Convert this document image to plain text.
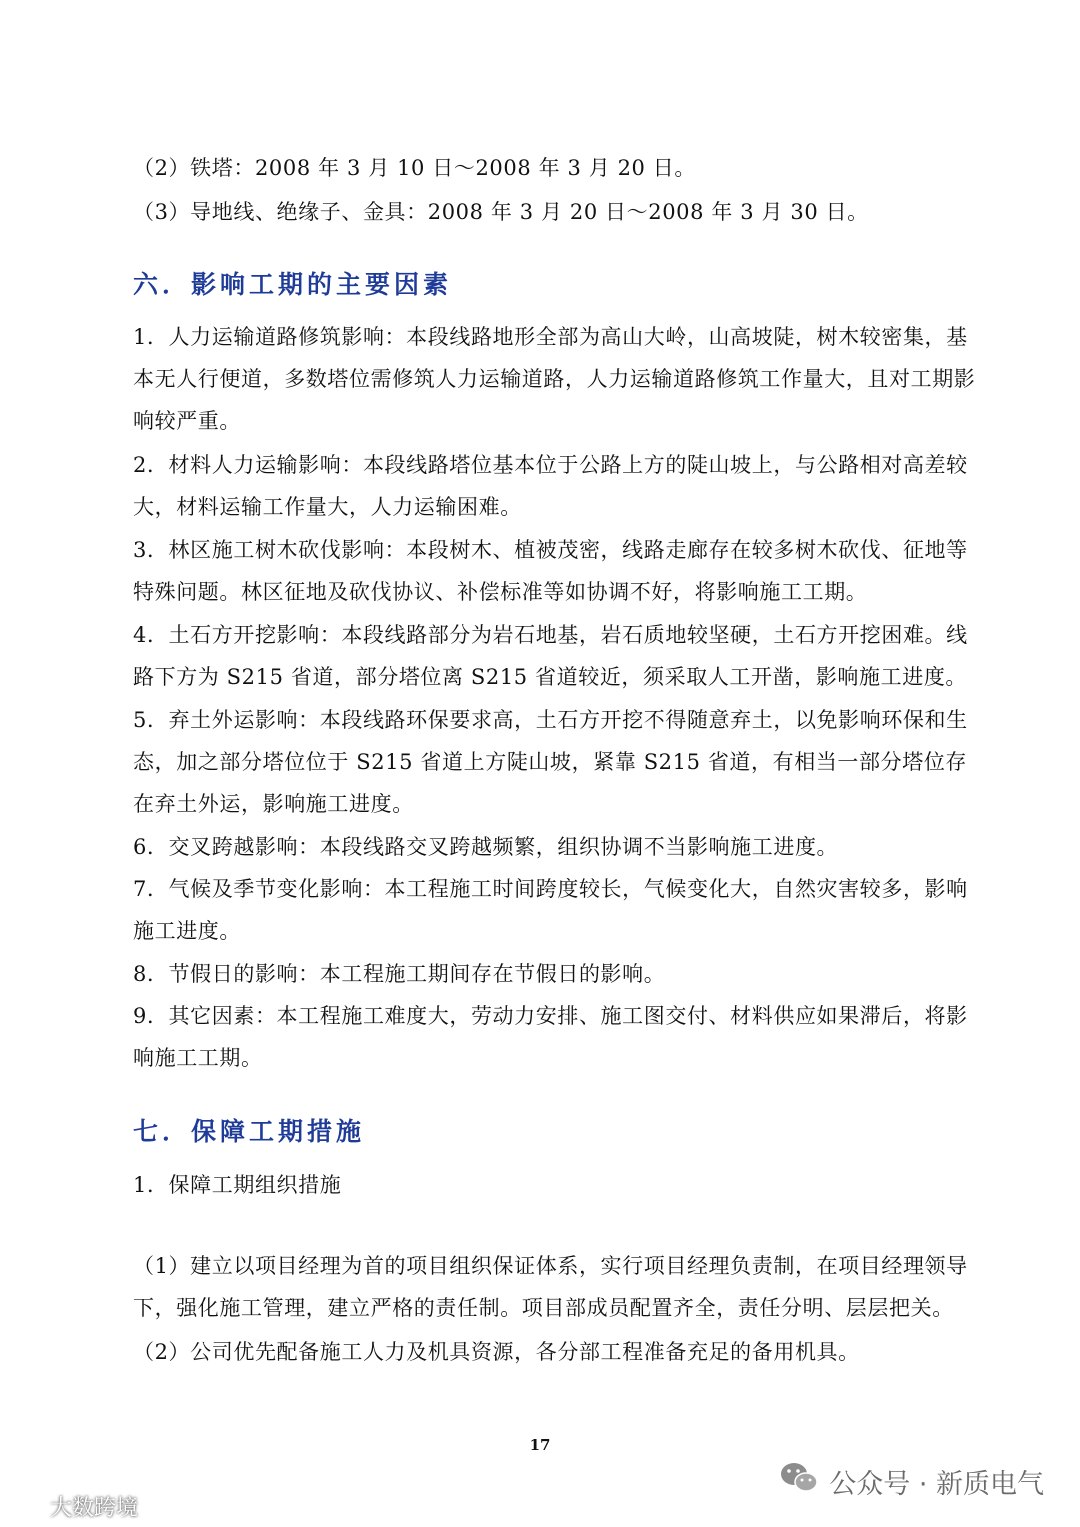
（2）铁塔：2008 年 3 月 10 日～2008 年 3 月 20 日。

（3）导地线、绝缘子、金具：2008 年 3 月 20 日～2008 年 3 月 30 日。

六．影响工期的主要因素

1．人力运输道路修筑影响：本段线路地形全部为高山大岭，山高坡陡，树木较密集，基本无人行便道，多数塔位需修筑人力运输道路，人力运输道路修筑工作量大，且对工期影响较严重。

2．材料人力运输影响：本段线路塔位基本位于公路上方的陡山坡上，与公路相对高差较大，材料运输工作量大，人力运输困难。

3．林区施工树木砍伐影响：本段树木、植被茂密，线路走廊存在较多树木砍伐、征地等特殊问题。林区征地及砍伐协议、补偿标准等如协调不好，将影响施工工期。

4．土石方开挖影响：本段线路部分为岩石地基，岩石质地较坚硬，土石方开挖困难。线路下方为 S215 省道，部分塔位离 S215 省道较近，须采取人工开凿，影响施工进度。

5．弃土外运影响：本段线路环保要求高，土石方开挖不得随意弃土，以免影响环保和生态，加之部分塔位位于 S215 省道上方陡山坡，紧靠 S215 省道，有相当一部分塔位存在弃土外运，影响施工进度。

6．交叉跨越影响：本段线路交叉跨越频繁，组织协调不当影响施工进度。

7．气候及季节变化影响：本工程施工时间跨度较长，气候变化大，自然灾害较多，影响施工进度。

8．节假日的影响：本工程施工期间存在节假日的影响。

9．其它因素：本工程施工难度大，劳动力安排、施工图交付、材料供应如果滞后，将影响施工工期。

七．保障工期措施

1．保障工期组织措施

（1）建立以项目经理为首的项目组织保证体系，实行项目经理负责制，在项目经理领导下，强化施工管理，建立严格的责任制。项目部成员配置齐全，责任分明、层层把关。

（2）公司优先配备施工人力及机具资源，各分部工程准备充足的备用机具。

17
公众号 · 新质电气
大数跨境
